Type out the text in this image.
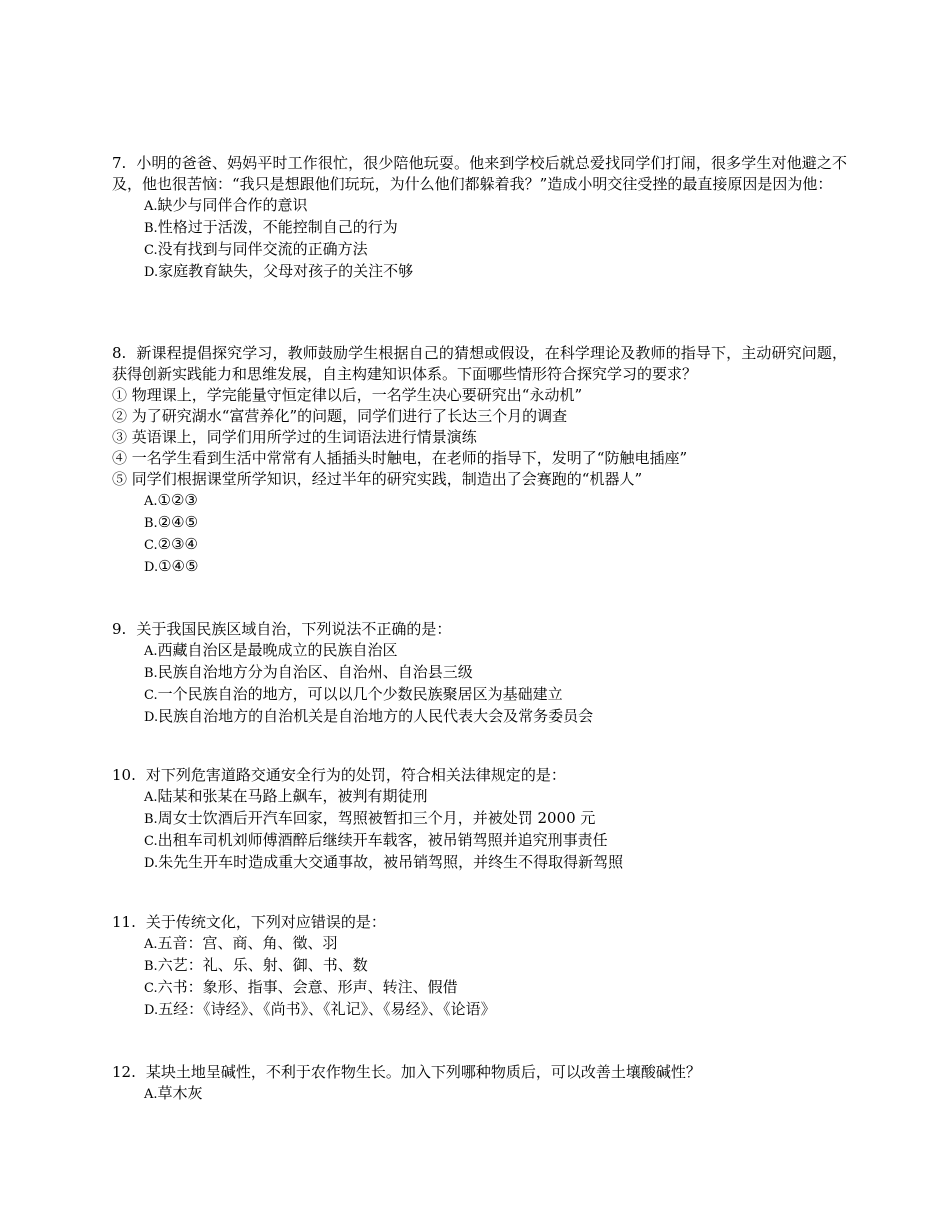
7. 小明的爸爸、妈妈平时工作很忙，很少陪他玩耍。他来到学校后就总爱找同学们打闹，很多学生对他避之不及，他也很苦恼：“我只是想跟他们玩玩，为什么他们都躲着我？”造成小明交往受挫的最直接原因是因为他：

A.缺少与同伴合作的意识
B.性格过于活泼，不能控制自己的行为
C.没有找到与同伴交流的正确方法
D.家庭教育缺失，父母对孩子的关注不够

8. 新课程提倡探究学习，教师鼓励学生根据自己的猜想或假设，在科学理论及教师的指导下，主动研究问题，获得创新实践能力和思维发展，自主构建知识体系。下面哪些情形符合探究学习的要求？

① 物理课上，学完能量守恒定律以后，一名学生决心要研究出“永动机”

② 为了研究湖水“富营养化”的问题，同学们进行了长达三个月的调查

③ 英语课上，同学们用所学过的生词语法进行情景演练

④ 一名学生看到生活中常常有人插插头时触电，在老师的指导下，发明了“防触电插座”

⑤ 同学们根据课堂所学知识，经过半年的研究实践，制造出了会赛跑的“机器人”

A.①②③
B.②④⑤
C.②③④
D.①④⑤

9. 关于我国民族区域自治，下列说法不正确的是：

A.西藏自治区是最晚成立的民族自治区
B.民族自治地方分为自治区、自治州、自治县三级
C.一个民族自治的地方，可以以几个少数民族聚居区为基础建立
D.民族自治地方的自治机关是自治地方的人民代表大会及常务委员会

10. 对下列危害道路交通安全行为的处罚，符合相关法律规定的是：

A.陆某和张某在马路上飙车，被判有期徒刑
B.周女士饮酒后开汽车回家，驾照被暂扣三个月，并被处罚 2000 元
C.出租车司机刘师傅酒醉后继续开车载客，被吊销驾照并追究刑事责任
D.朱先生开车时造成重大交通事故，被吊销驾照，并终生不得取得新驾照

11. 关于传统文化，下列对应错误的是：

A.五音：宫、商、角、徵、羽
B.六艺：礼、乐、射、御、书、数
C.六书：象形、指事、会意、形声、转注、假借
D.五经：《诗经》、《尚书》、《礼记》、《易经》、《论语》

12. 某块土地呈碱性，不利于农作物生长。加入下列哪种物质后，可以改善土壤酸碱性？

A.草木灰
